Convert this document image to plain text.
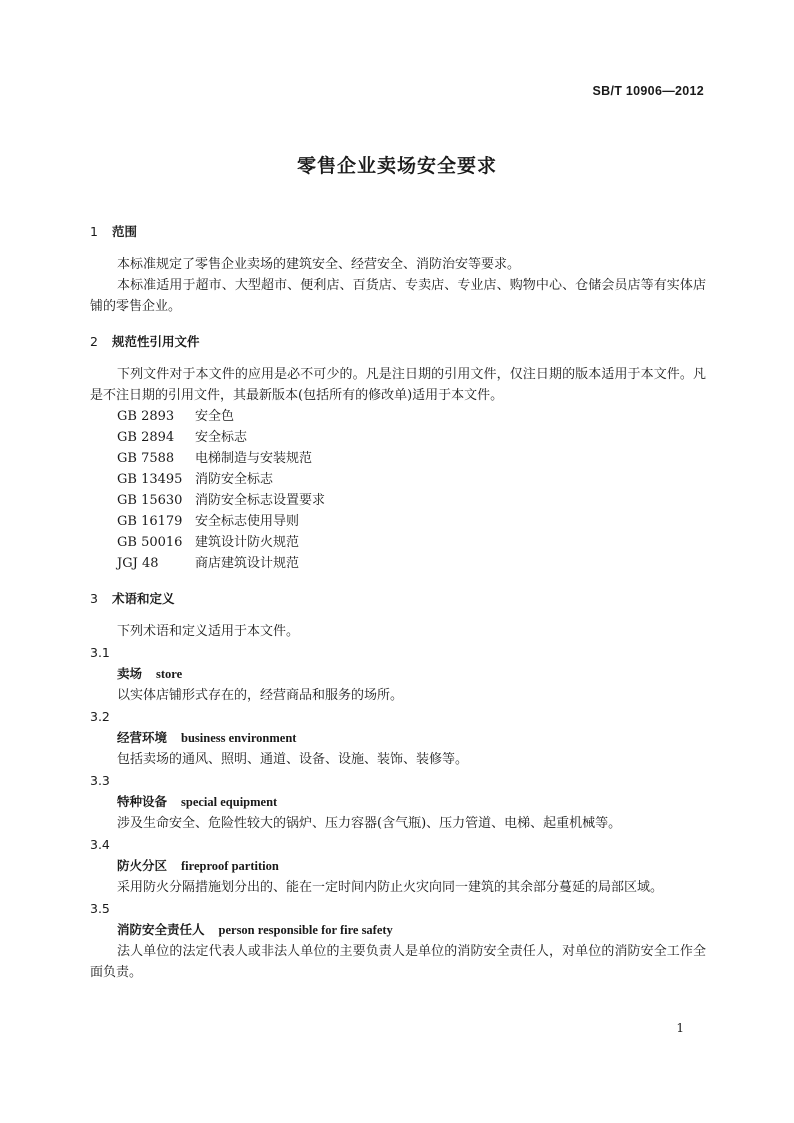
SB/T 10906—2012
零售企业卖场安全要求
1 范围
本标准规定了零售企业卖场的建筑安全、经营安全、消防治安等要求。
本标准适用于超市、大型超市、便利店、百货店、专卖店、专业店、购物中心、仓储会员店等有实体店铺的零售企业。
2 规范性引用文件
下列文件对于本文件的应用是必不可少的。凡是注日期的引用文件，仅注日期的版本适用于本文件。凡是不注日期的引用文件，其最新版本(包括所有的修改单)适用于本文件。
GB 2893 安全色
GB 2894 安全标志
GB 7588 电梯制造与安装规范
GB 13495 消防安全标志
GB 15630 消防安全标志设置要求
GB 16179 安全标志使用导则
GB 50016 建筑设计防火规范
JGJ 48	商店建筑设计规范
3 术语和定义
下列术语和定义适用于本文件。
3.1
卖场 store
以实体店铺形式存在的，经营商品和服务的场所。
3.2
经营环境 business environment
包括卖场的通风、照明、通道、设备、设施、装饰、装修等。
3.3
特种设备 special equipment
涉及生命安全、危险性较大的锅炉、压力容器(含气瓶)、压力管道、电梯、起重机械等。
3.4
防火分区 fireproof partition
采用防火分隔措施划分出的、能在一定时间内防止火灾向同一建筑的其余部分蔓延的局部区域。
3.5
消防安全责任人 person responsible for fire safety
法人单位的法定代表人或非法人单位的主要负责人是单位的消防安全责任人，对单位的消防安全工作全面负责。
1
